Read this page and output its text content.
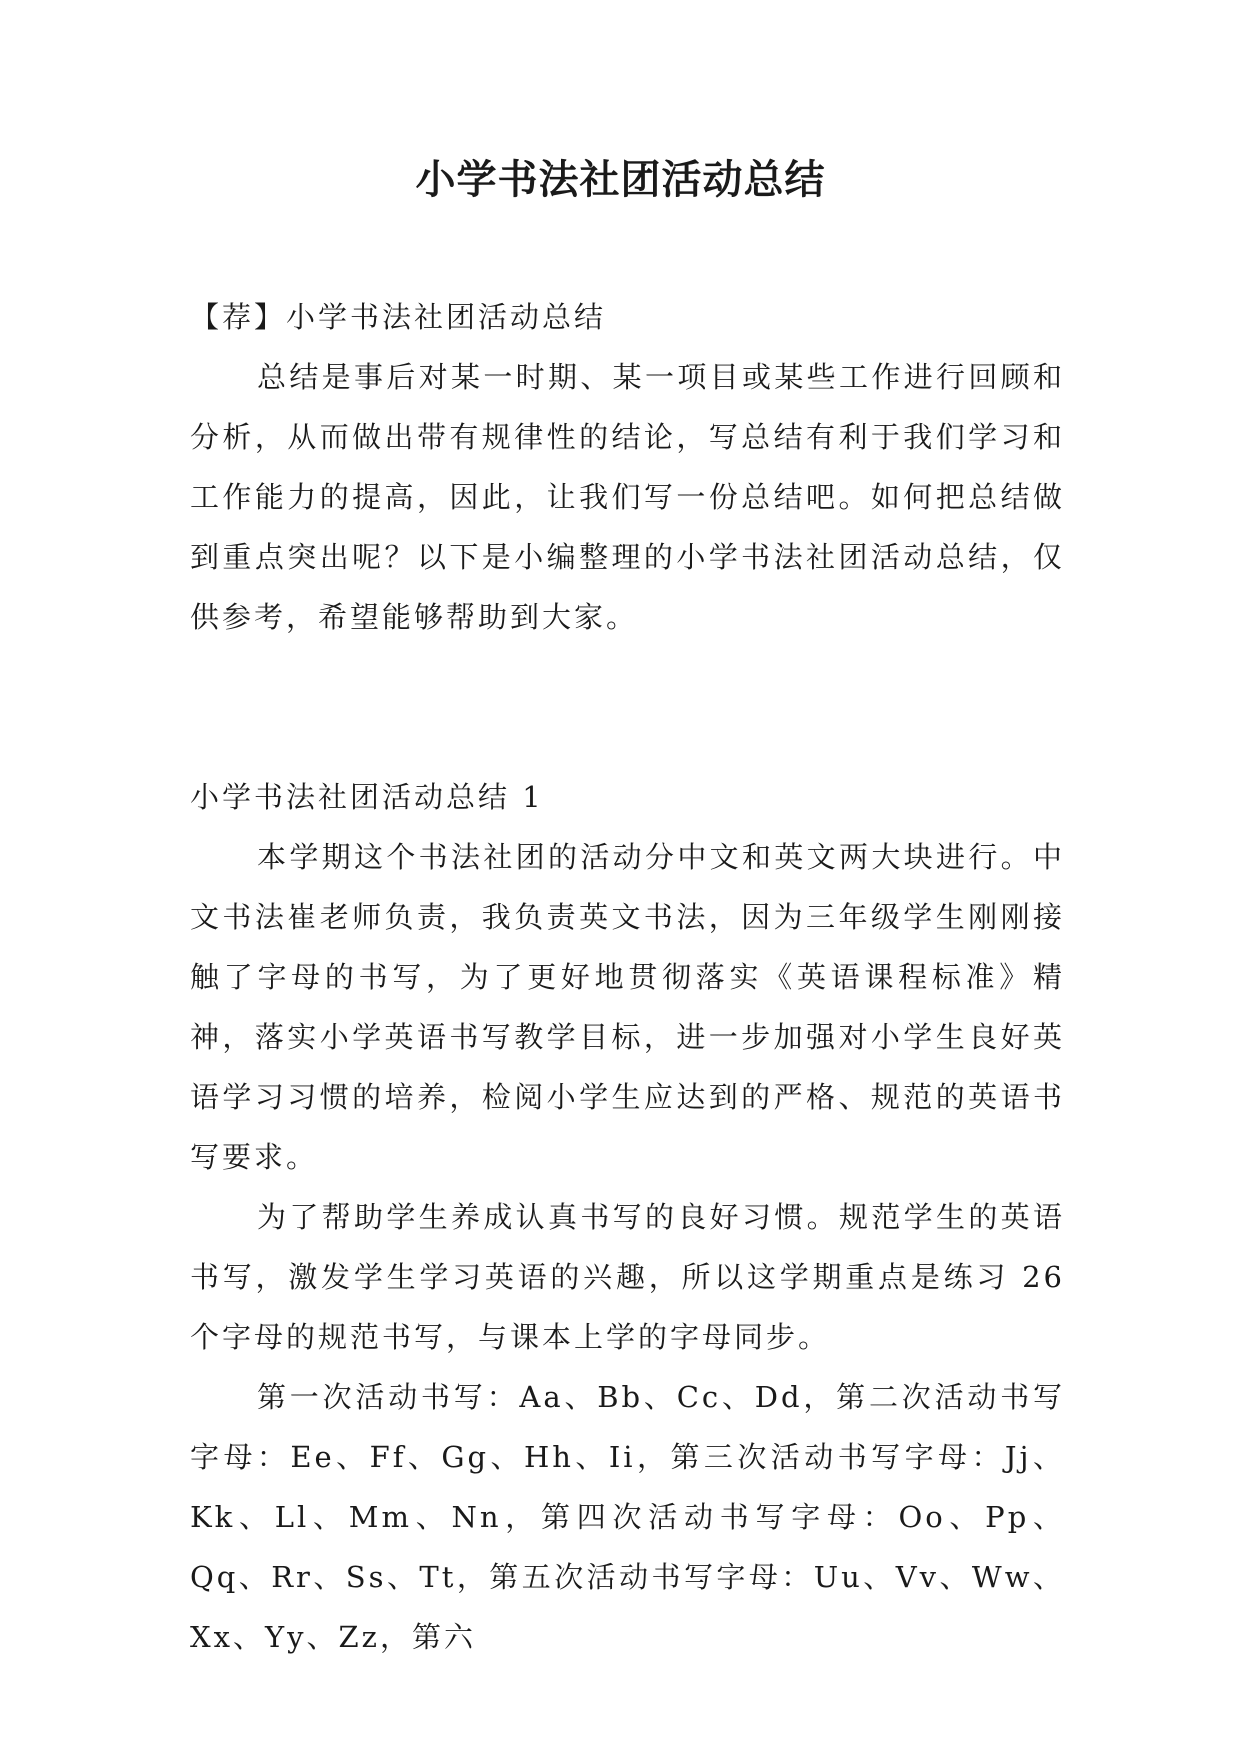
小学书法社团活动总结

【荐】小学书法社团活动总结

总结是事后对某一时期、某一项目或某些工作进行回顾和分析，从而做出带有规律性的结论，写总结有利于我们学习和工作能力的提高，因此，让我们写一份总结吧。如何把总结做到重点突出呢？以下是小编整理的小学书法社团活动总结，仅供参考，希望能够帮助到大家。

小学书法社团活动总结 1

本学期这个书法社团的活动分中文和英文两大块进行。中文书法崔老师负责，我负责英文书法，因为三年级学生刚刚接触了字母的书写，为了更好地贯彻落实《英语课程标准》精神，落实小学英语书写教学目标，进一步加强对小学生良好英语学习习惯的培养，检阅小学生应达到的严格、规范的英语书写要求。

为了帮助学生养成认真书写的良好习惯。规范学生的英语书写，激发学生学习英语的兴趣，所以这学期重点是练习 26 个字母的规范书写，与课本上学的字母同步。

第一次活动书写：Aa、Bb、Cc、Dd，第二次活动书写字母：Ee、Ff、Gg、Hh、Ii，第三次活动书写字母：Jj、Kk、Ll、Mm、Nn，第四次活动书写字母：Oo、Pp、Qq、Rr、Ss、Tt，第五次活动书写字母：Uu、Vv、Ww、Xx、Yy、Zz，第六
